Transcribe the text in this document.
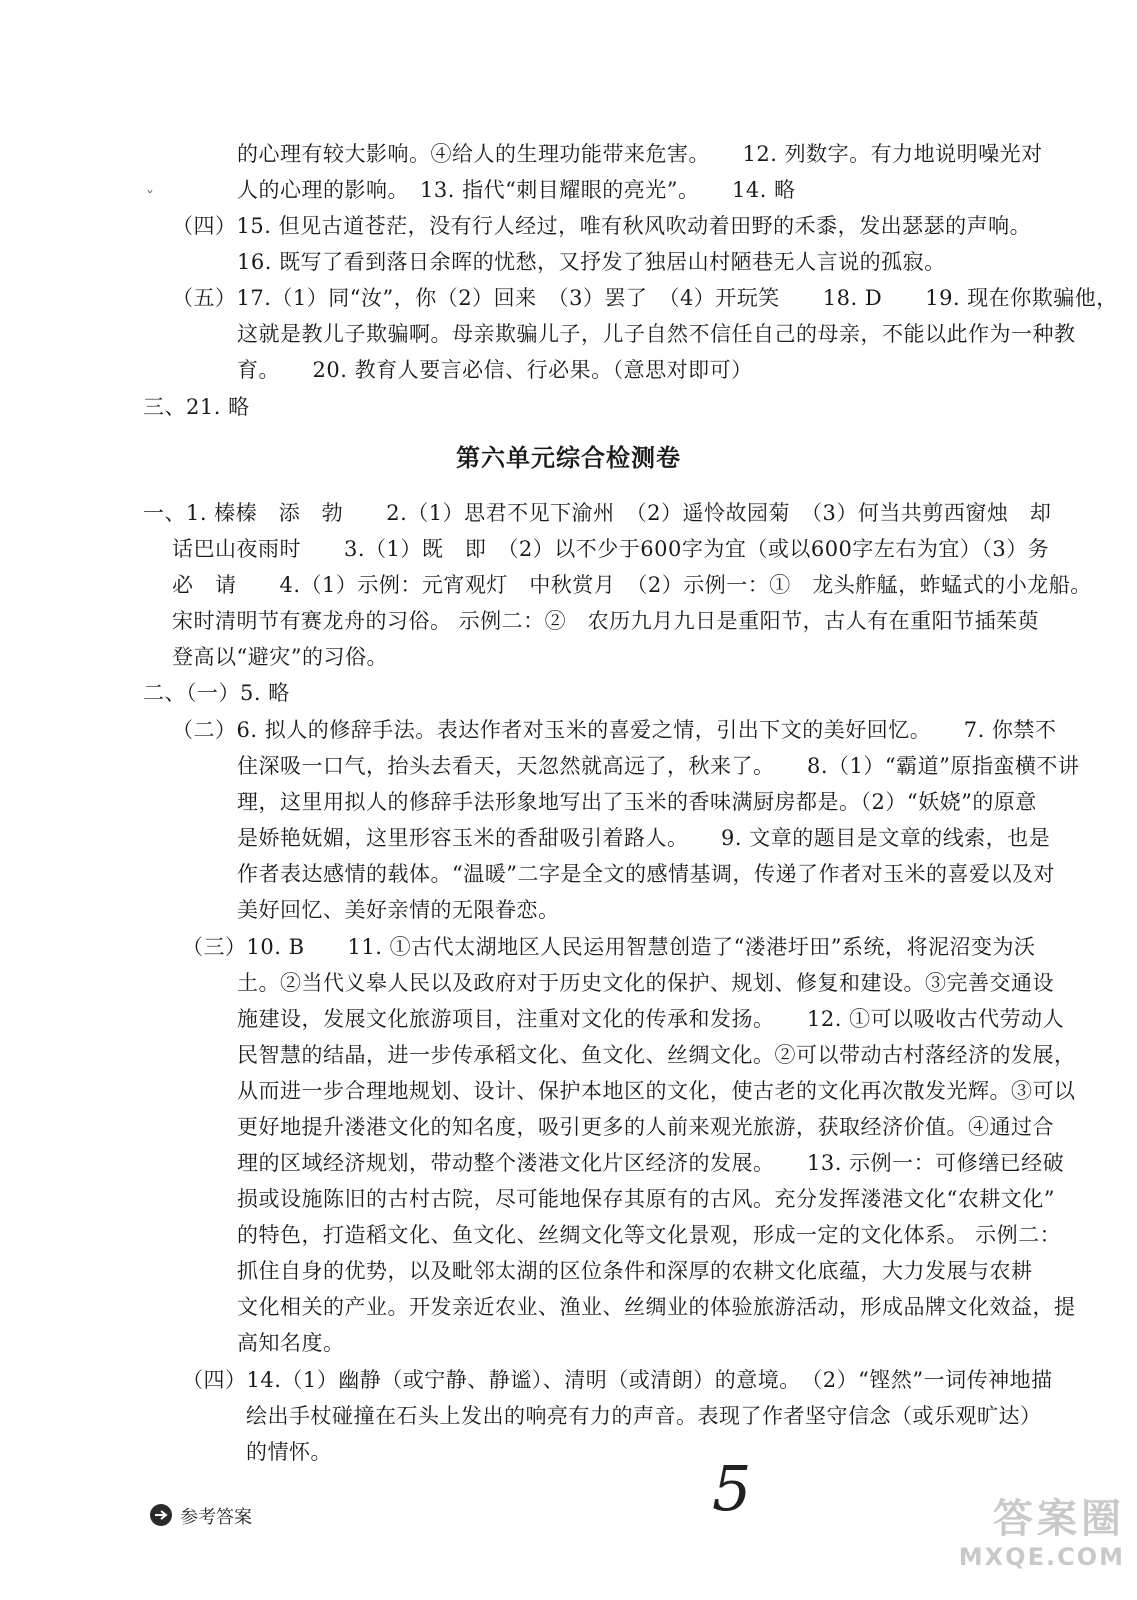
ˇ
的心理有较大影响。④给人的生理功能带来危害。　　12. 列数字。有力地说明噪光对
人的心理的影响。　13. 指代“刺目耀眼的亮光”。　　14. 略
（四）15. 但见古道苍茫，没有行人经过，唯有秋风吹动着田野的禾黍，发出瑟瑟的声响。
16. 既写了看到落日余晖的忧愁，又抒发了独居山村陋巷无人言说的孤寂。
（五）17.（1）同“汝”，你（2）回来　（3）罢了　（4）开玩笑　　18. D　　19. 现在你欺骗他，
这就是教儿子欺骗啊。母亲欺骗儿子，儿子自然不信任自己的母亲，不能以此作为一种教
育。　　20. 教育人要言必信、行必果。（意思对即可）
三、21. 略
第六单元综合检测卷
一、1. 榛榛　添　勃　　2.（1）思君不见下渝州　（2）遥怜故园菊　（3）何当共剪西窗烛　却
话巴山夜雨时　　3.（1）既　即　（2）以不少于600字为宜（或以600字左右为宜）（3）务
必　请　　4.（1）示例：元宵观灯　中秋赏月　（2）示例一：①　龙头舴艋，蚱蜢式的小龙船。
宋时清明节有赛龙舟的习俗。 示例二：②　农历九月九日是重阳节，古人有在重阳节插茱萸
登高以“避灾”的习俗。
二、（一）5. 略
（二）6. 拟人的修辞手法。表达作者对玉米的喜爱之情，引出下文的美好回忆。　　7. 你禁不
住深吸一口气，抬头去看天，天忽然就高远了，秋来了。　　8.（1）“霸道”原指蛮横不讲
理，这里用拟人的修辞手法形象地写出了玉米的香味满厨房都是。（2）“妖娆”的原意
是娇艳妩媚，这里形容玉米的香甜吸引着路人。　　9. 文章的题目是文章的线索，也是
作者表达感情的载体。“温暖”二字是全文的感情基调，传递了作者对玉米的喜爱以及对
美好回忆、美好亲情的无限眷恋。
（三）10. B　　11. ①古代太湖地区人民运用智慧创造了“溇港圩田”系统，将泥沼变为沃
土。②当代义皋人民以及政府对于历史文化的保护、规划、修复和建设。③完善交通设
施建设，发展文化旅游项目，注重对文化的传承和发扬。　　12. ①可以吸收古代劳动人
民智慧的结晶，进一步传承稻文化、鱼文化、丝绸文化。②可以带动古村落经济的发展，
从而进一步合理地规划、设计、保护本地区的文化，使古老的文化再次散发光辉。③可以
更好地提升溇港文化的知名度，吸引更多的人前来观光旅游，获取经济价值。④通过合
理的区域经济规划，带动整个溇港文化片区经济的发展。　　13. 示例一：可修缮已经破
损或设施陈旧的古村古院，尽可能地保存其原有的古风。充分发挥溇港文化“农耕文化”
的特色，打造稻文化、鱼文化、丝绸文化等文化景观，形成一定的文化体系。 示例二：
抓住自身的优势，以及毗邻太湖的区位条件和深厚的农耕文化底蕴，大力发展与农耕
文化相关的产业。开发亲近农业、渔业、丝绸业的体验旅游活动，形成品牌文化效益，提
高知名度。
（四）14.（1）幽静（或宁静、静谧）、清明（或清朗）的意境。　（2）“铿然”一词传神地描
绘出手杖碰撞在石头上发出的响亮有力的声音。表现了作者坚守信念（或乐观旷达）
的情怀。
参考答案	5	答案圈
MXQE.COM
